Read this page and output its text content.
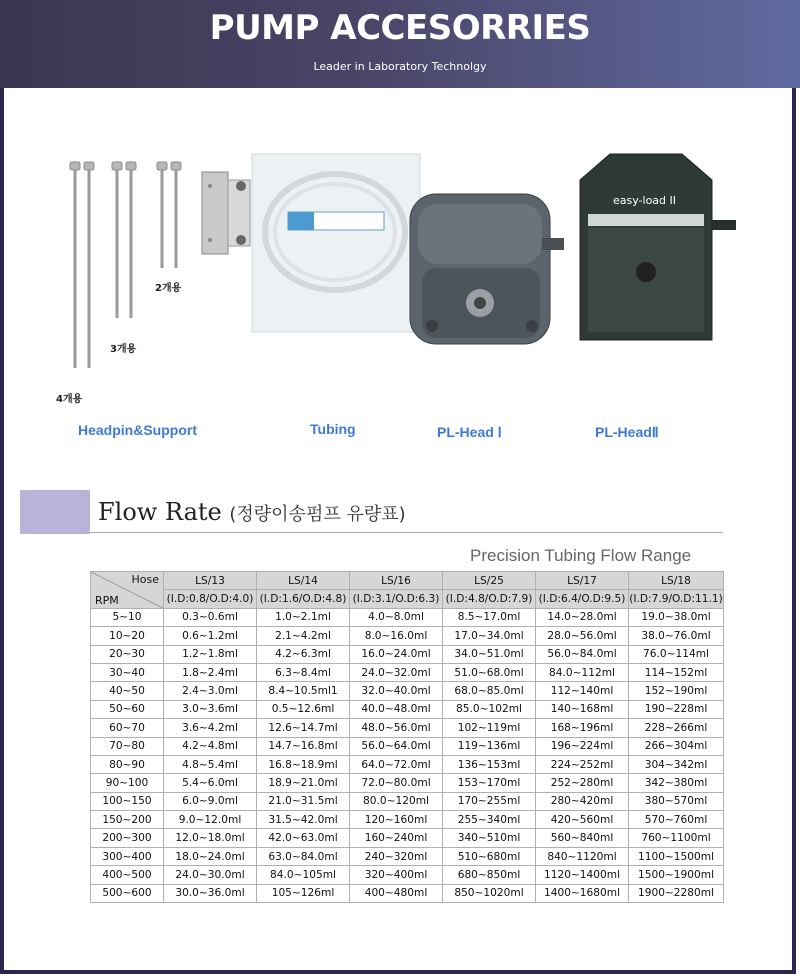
PUMP ACCESORRIES
Leader in Laboratory Technolgy
easy-load II
4개용
3개용
2개용
Headpin&Support	Tubing	PL-Head Ⅰ	PL-HeadⅡ
Flow Rate (정량이송펌프 유량표)
Precision Tubing Flow Range
Hose
RPM	LS/13	LS/14	LS/16	LS/25	LS/17	LS/18
	(I.D:0.8/O.D:4.0)	(I.D:1.6/O.D:4.8)	(I.D:3.1/O.D:6.3)	(I.D:4.8/O.D:7.9)	(I.D:6.4/O.D:9.5)	(I.D:7.9/O.D:11.1)
5~10	0.3~0.6ml	1.0~2.1ml	4.0~8.0ml	8.5~17.0ml	14.0~28.0ml	19.0~38.0ml
10~20	0.6~1.2ml	2.1~4.2ml	8.0~16.0ml	17.0~34.0ml	28.0~56.0ml	38.0~76.0ml
20~30	1.2~1.8ml	4.2~6.3ml	16.0~24.0ml	34.0~51.0ml	56.0~84.0ml	76.0~114ml
30~40	1.8~2.4ml	6.3~8.4ml	24.0~32.0ml	51.0~68.0ml	84.0~112ml	114~152ml
40~50	2.4~3.0ml	8.4~10.5ml1	32.0~40.0ml	68.0~85.0ml	112~140ml	152~190ml
50~60	3.0~3.6ml	0.5~12.6ml	40.0~48.0ml	85.0~102ml	140~168ml	190~228ml
60~70	3.6~4.2ml	12.6~14.7ml	48.0~56.0ml	102~119ml	168~196ml	228~266ml
70~80	4.2~4.8ml	14.7~16.8ml	56.0~64.0ml	119~136ml	196~224ml	266~304ml
80~90	4.8~5.4ml	16.8~18.9ml	64.0~72.0ml	136~153ml	224~252ml	304~342ml
90~100	5.4~6.0ml	18.9~21.0ml	72.0~80.0ml	153~170ml	252~280ml	342~380ml
100~150	6.0~9.0ml	21.0~31.5ml	80.0~120ml	170~255ml	280~420ml	380~570ml
150~200	9.0~12.0ml	31.5~42.0ml	120~160ml	255~340ml	420~560ml	570~760ml
200~300	12.0~18.0ml	42.0~63.0ml	160~240ml	340~510ml	560~840ml	760~1100ml
300~400	18.0~24.0ml	63.0~84.0ml	240~320ml	510~680ml	840~1120ml	1100~1500ml
400~500	24.0~30.0ml	84.0~105ml	320~400ml	680~850ml	1120~1400ml	1500~1900ml
500~600	30.0~36.0ml	105~126ml	400~480ml	850~1020ml	1400~1680ml	1900~2280ml
